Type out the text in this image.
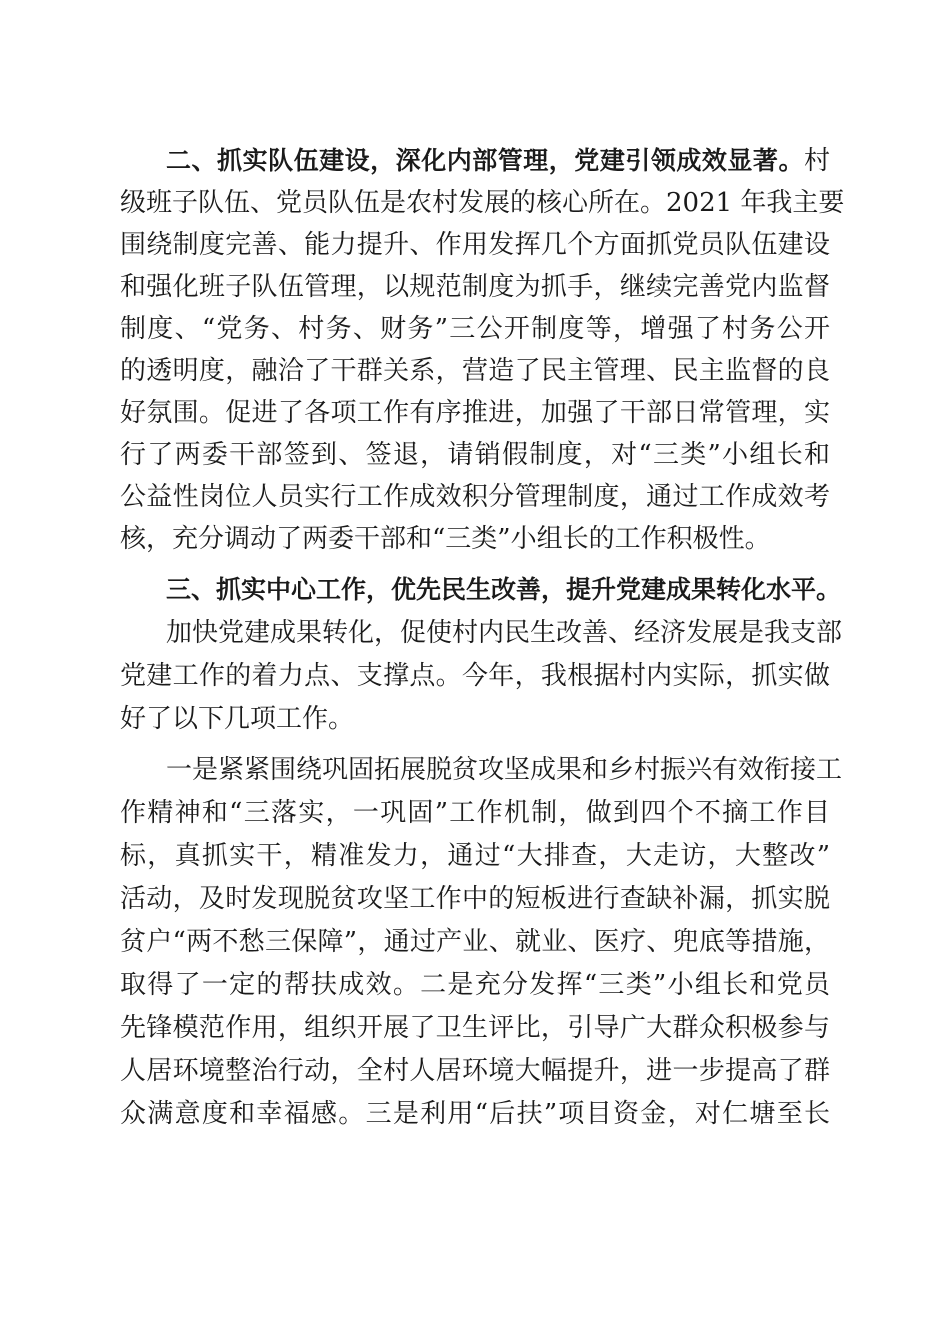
二、抓实队伍建设，深化内部管理，党建引领成效显著。村
级班子队伍、党员队伍是农村发展的核心所在。2021 年我主要
围绕制度完善、能力提升、作用发挥几个方面抓党员队伍建设
和强化班子队伍管理，以规范制度为抓手，继续完善党内监督
制度、“党务、村务、财务”三公开制度等，增强了村务公开
的透明度，融洽了干群关系，营造了民主管理、民主监督的良
好氛围。促进了各项工作有序推进，加强了干部日常管理，实
行了两委干部签到、签退，请销假制度，对“三类”小组长和
公益性岗位人员实行工作成效积分管理制度，通过工作成效考
核，充分调动了两委干部和“三类”小组长的工作积极性。
三、抓实中心工作，优先民生改善，提升党建成果转化水平。
加快党建成果转化，促使村内民生改善、经济发展是我支部
党建工作的着力点、支撑点。今年，我根据村内实际，抓实做
好了以下几项工作。
一是紧紧围绕巩固拓展脱贫攻坚成果和乡村振兴有效衔接工
作精神和“三落实，一巩固”工作机制，做到四个不摘工作目
标，真抓实干，精准发力，通过“大排查，大走访，大整改”
活动，及时发现脱贫攻坚工作中的短板进行查缺补漏，抓实脱
贫户“两不愁三保障”，通过产业、就业、医疗、兜底等措施，
取得了一定的帮扶成效。二是充分发挥“三类”小组长和党员
先锋模范作用，组织开展了卫生评比，引导广大群众积极参与
人居环境整治行动，全村人居环境大幅提升，进一步提高了群
众满意度和幸福感。三是利用“后扶”项目资金，对仁塘至长
